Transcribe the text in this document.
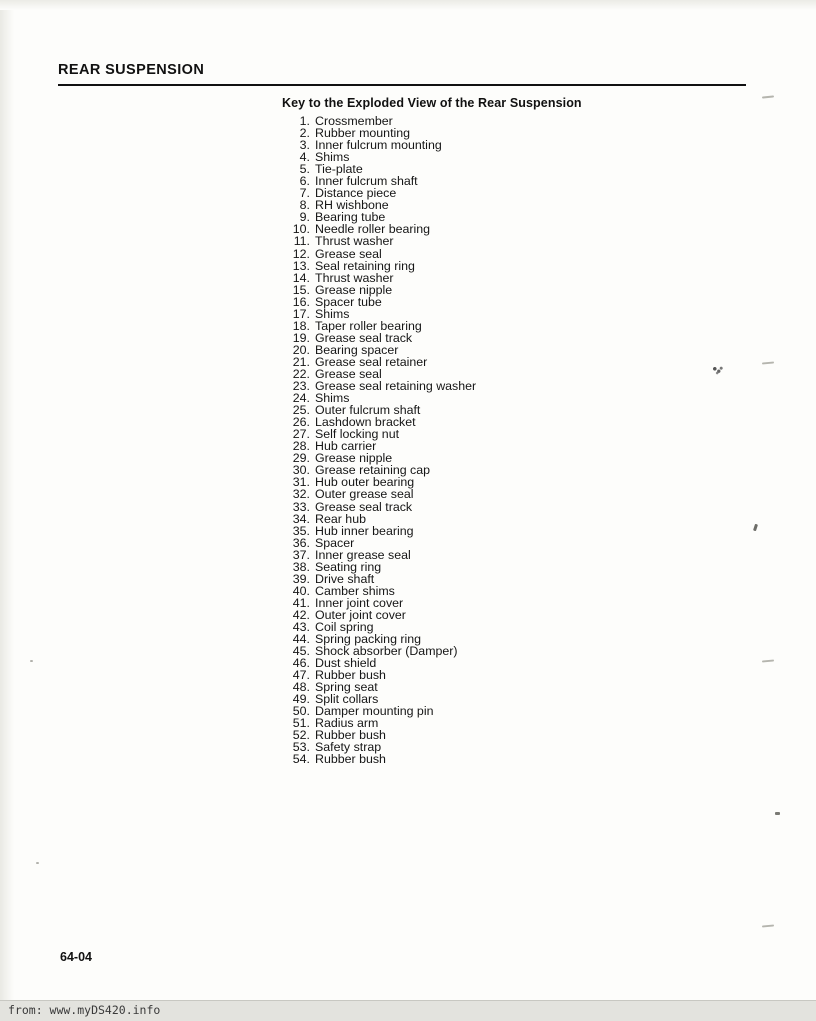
REAR SUSPENSION
Key to the Exploded View of the Rear Suspension
1. Crossmember
2. Rubber mounting
3. Inner fulcrum mounting
4. Shims
5. Tie-plate
6. Inner fulcrum shaft
7. Distance piece
8. RH wishbone
9. Bearing tube
10. Needle roller bearing
11. Thrust washer
12. Grease seal
13. Seal retaining ring
14. Thrust washer
15. Grease nipple
16. Spacer tube
17. Shims
18. Taper roller bearing
19. Grease seal track
20. Bearing spacer
21. Grease seal retainer
22. Grease seal
23. Grease seal retaining washer
24. Shims
25. Outer fulcrum shaft
26. Lashdown bracket
27. Self locking nut
28. Hub carrier
29. Grease nipple
30. Grease retaining cap
31. Hub outer bearing
32. Outer grease seal
33. Grease seal track
34. Rear hub
35. Hub inner bearing
36. Spacer
37. Inner grease seal
38. Seating ring
39. Drive shaft
40. Camber shims
41. Inner joint cover
42. Outer joint cover
43. Coil spring
44. Spring packing ring
45. Shock absorber (Damper)
46. Dust shield
47. Rubber bush
48. Spring seat
49. Split collars
50. Damper mounting pin
51. Radius arm
52. Rubber bush
53. Safety strap
54. Rubber bush
64-04
from: www.myDS420.info
